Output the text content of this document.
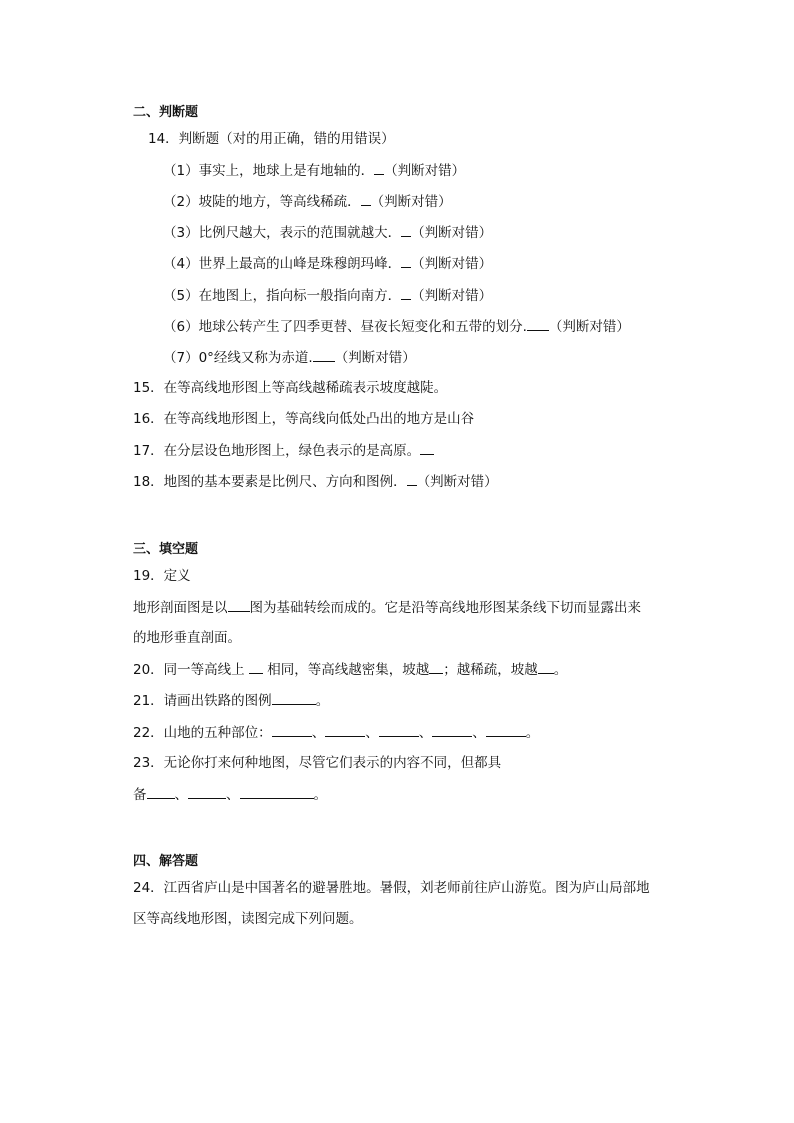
二、判断题
14．判断题（对的用正确，错的用错误）
（1）事实上，地球上是有地轴的． （判断对错）
（2）坡陡的地方，等高线稀疏． （判断对错）
（3）比例尺越大，表示的范围就越大． （判断对错）
（4）世界上最高的山峰是珠穆朗玛峰． （判断对错）
（5）在地图上，指向标一般指向南方． （判断对错）
（6）地球公转产生了四季更替、昼夜长短变化和五带的划分. （判断对错）
（7）0°经线又称为赤道. （判断对错）
15．在等高线地形图上等高线越稀疏表示坡度越陡。
16．在等高线地形图上，等高线向低处凸出的地方是山谷
17．在分层设色地形图上，绿色表示的是高原。
18．地图的基本要素是比例尺、方向和图例． （判断对错）
三、填空题
19．定义
地形剖面图是以 图为基础转绘而成的。它是沿等高线地形图某条线下切而显露出来
的地形垂直剖面。
20．同一等高线上  相同，等高线越密集，坡越 ；越稀疏，坡越 。
21．请画出铁路的图例	。
22．山地的五种部位：	、	、	、	、	。
23．无论你打来何种地图，尽管它们表示的内容不同，但都具
备 、	、	。
四、解答题
24．江西省庐山是中国著名的避暑胜地。暑假，刘老师前往庐山游览。图为庐山局部地
区等高线地形图，读图完成下列问题。
